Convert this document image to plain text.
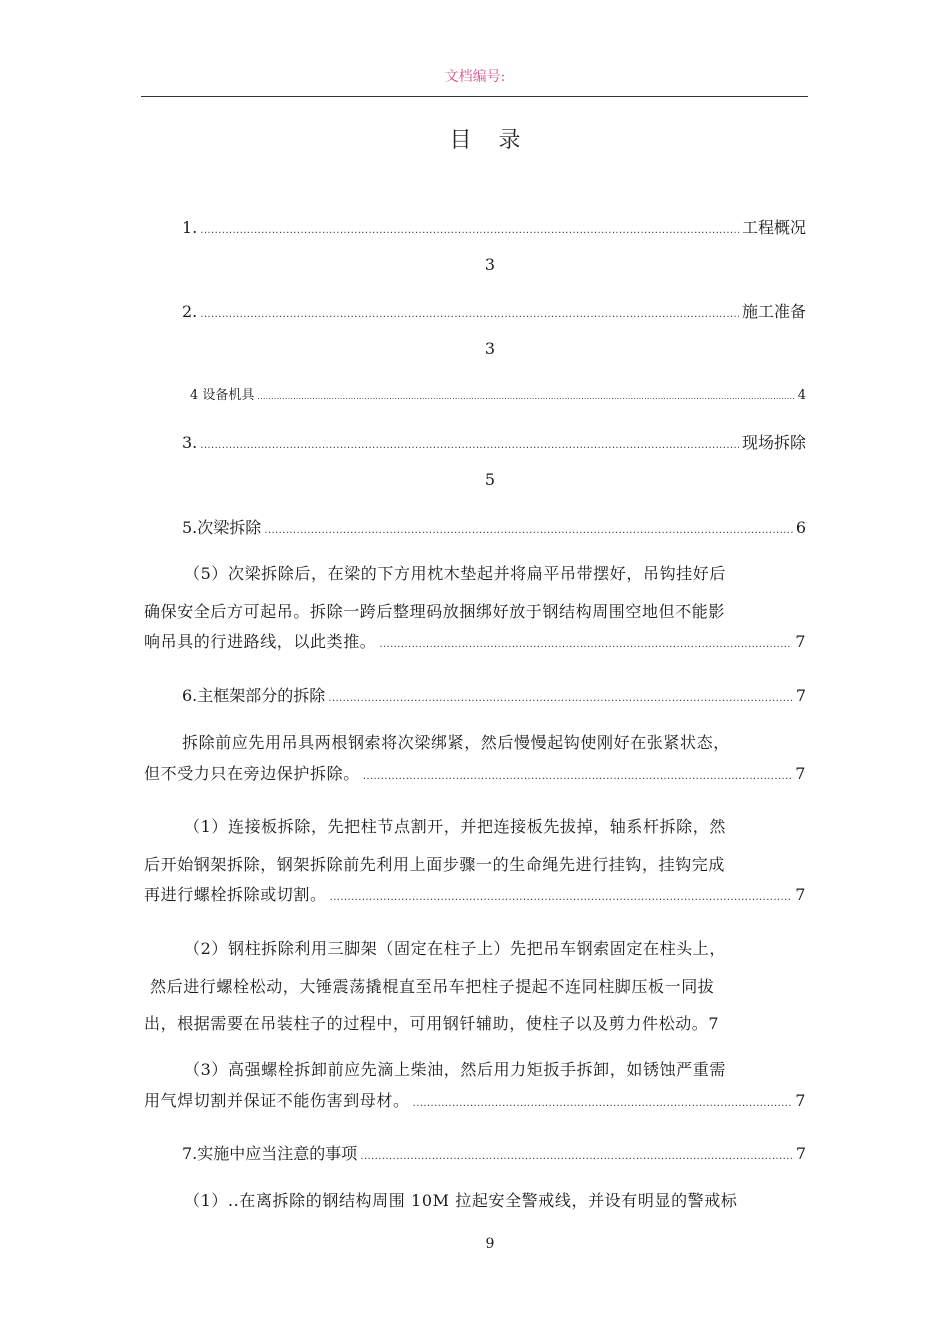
文档编号:
目 录
1. .....	工程概况
3
2. .....	施工准备
3
4 设备机具 .....	4
3. .....	现场拆除
5
5.次梁拆除 .....	6
（5）次梁拆除后，在梁的下方用枕木垫起并将扁平吊带摆好，吊钩挂好后
确保安全后方可起吊。拆除一跨后整理码放捆绑好放于钢结构周围空地但不能影
响吊具的行进路线，以此类推。 .....	7
6.主框架部分的拆除 .....	7
拆除前应先用吊具两根钢索将次梁绑紧，然后慢慢起钩使刚好在张紧状态，
但不受力只在旁边保护拆除。 .....	7
（1）连接板拆除，先把柱节点割开，并把连接板先拔掉，轴系杆拆除，然
后开始钢架拆除，钢架拆除前先利用上面步骤一的生命绳先进行挂钩，挂钩完成
再进行螺栓拆除或切割。 .....	7
（2）钢柱拆除利用三脚架（固定在柱子上）先把吊车钢索固定在柱头上，
然后进行螺栓松动，大锤震荡撬棍直至吊车把柱子提起不连同柱脚压板一同拔
出，根据需要在吊装柱子的过程中，可用钢钎辅助，使柱子以及剪力件松动。7
（3）高强螺栓拆卸前应先滴上柴油，然后用力矩扳手拆卸，如锈蚀严重需
用气焊切割并保证不能伤害到母材。 .....	7
7.实施中应当注意的事项 .....	7
（1）..在离拆除的钢结构周围 10M 拉起安全警戒线，并设有明显的警戒标
9
